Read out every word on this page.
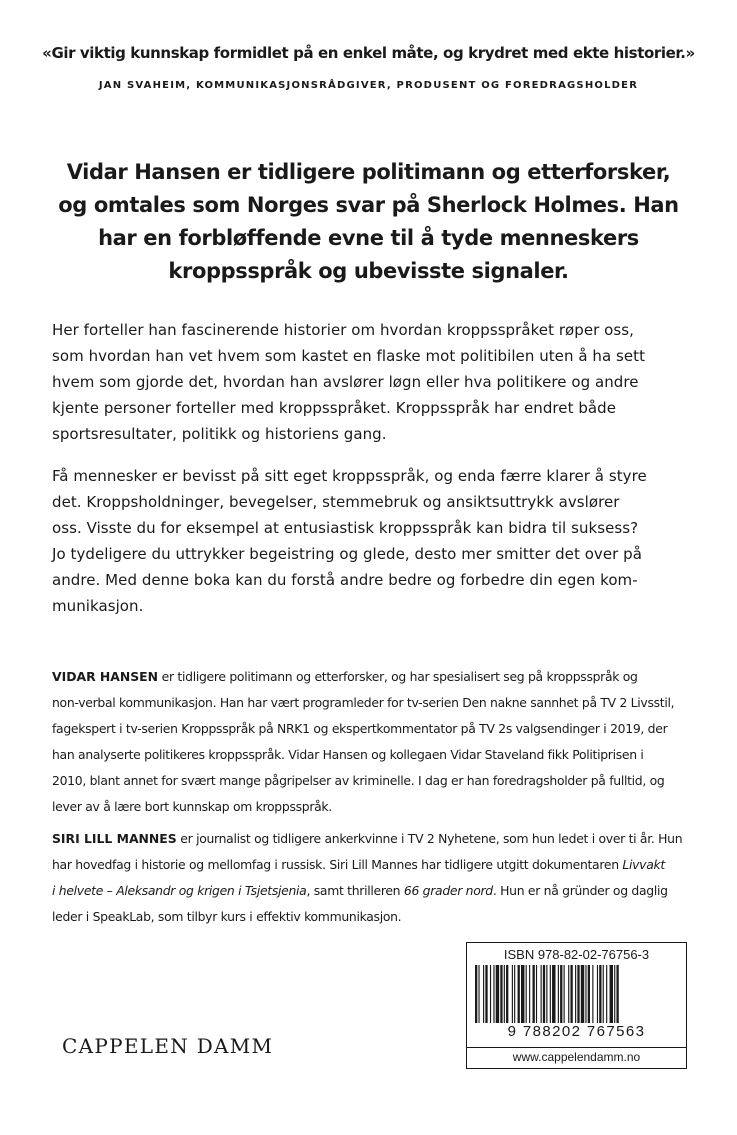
«Gir viktig kunnskap formidlet på en enkel måte, og krydret med ekte historier.»

JAN SVAHEIM, KOMMUNIKASJONSRÅDGIVER, PRODUSENT OG FOREDRAGSHOLDER

Vidar Hansen er tidligere politimann og etterforsker,
og omtales som Norges svar på Sherlock Holmes. Han
har en forbløffende evne til å tyde menneskers
kroppsspråk og ubevisste signaler.
Her forteller han fascinerende historier om hvordan kroppsspråket røper oss,
som hvordan han vet hvem som kastet en flaske mot politibilen uten å ha sett
hvem som gjorde det, hvordan han avslører løgn eller hva politikere og andre
kjente personer forteller med kroppsspråket. Kroppsspråk har endret både
sportsresultater, politikk og historiens gang.
Få mennesker er bevisst på sitt eget kroppsspråk, og enda færre klarer å styre
det. Kroppsholdninger, bevegelser, stemmebruk og ansiktsuttrykk avslører
oss. Visste du for eksempel at entusiastisk kroppsspråk kan bidra til suksess?
Jo tydeligere du uttrykker begeistring og glede, desto mer smitter det over på
andre. Med denne boka kan du forstå andre bedre og forbedre din egen kom-
munikasjon.
VIDAR HANSEN er tidligere politimann og etterforsker, og har spesialisert seg på kroppsspråk og
non-verbal kommunikasjon. Han har vært programleder for tv-serien Den nakne sannhet på TV 2 Livsstil,
fagekspert i tv-serien Kroppsspråk på NRK1 og ekspertkommentator på TV 2s valgsendinger i 2019, der
han analyserte politikeres kroppsspråk. Vidar Hansen og kollegaen Vidar Staveland fikk Politiprisen i
2010, blant annet for svært mange pågripelser av kriminelle. I dag er han foredragsholder på fulltid, og
lever av å lære bort kunnskap om kroppsspråk.
SIRI LILL MANNES er journalist og tidligere ankerkvinne i TV 2 Nyhetene, som hun ledet i over ti år. Hun
har hovedfag i historie og mellomfag i russisk. Siri Lill Mannes har tidligere utgitt dokumentaren Livvakt
i helvete – Aleksandr og krigen i Tsjetsjenia, samt thrilleren 66 grader nord. Hun er nå gründer og daglig
leder i SpeakLab, som tilbyr kurs i effektiv kommunikasjon.
CAPPELEN DAMM
ISBN 978-82-02-76756-3
9 788202 767563
www.cappelendamm.no
